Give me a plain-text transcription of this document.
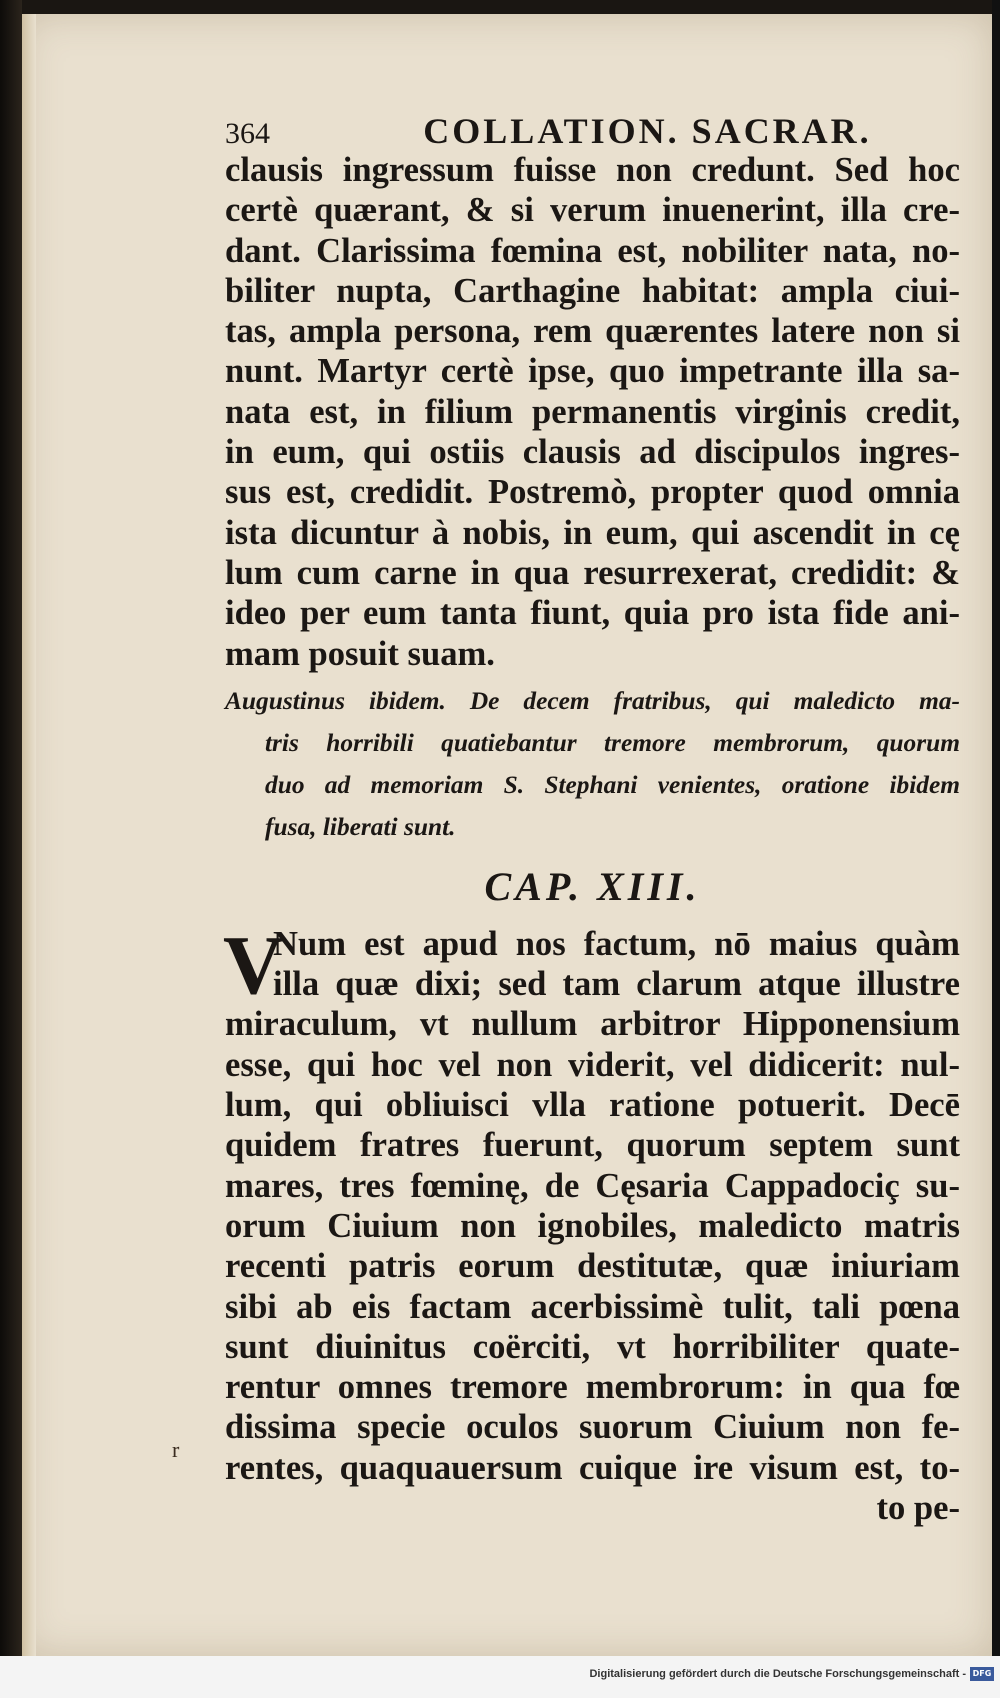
r
364	COLLATION. SACRAR.
clausis ingressum fuisse non credunt. Sed hoc
certè quærant, & si verum inuenerint, illa cre-
dant. Clarissima fœmina est, nobiliter nata, no-
biliter nupta, Carthagine habitat: ampla ciui-
tas, ampla persona, rem quærentes latere non si
nunt. Martyr certè ipse, quo impetrante illa sa-
nata est, in filium permanentis virginis credit,
in eum, qui ostiis clausis ad discipulos ingres-
sus est, credidit. Postremò, propter quod omnia
ista dicuntur à nobis, in eum, qui ascendit in cę
lum cum carne in qua resurrexerat, credidit: &
ideo per eum tanta fiunt, quia pro ista fide ani-
mam posuit suam.
Augustinus ibidem. De decem fratribus, qui maledicto ma-
tris horribili quatiebantur tremore membrorum, quorum
duo ad memoriam S. Stephani venientes, oratione ibidem
fusa, liberati sunt.
CAP. XIII.
V
Num est apud nos factum, nō maius quàm
illa quæ dixi; sed tam clarum atque illustre
miraculum, vt nullum arbitror Hipponensium
esse, qui hoc vel non viderit, vel didicerit: nul-
lum, qui obliuisci vlla ratione potuerit. Decē
quidem fratres fuerunt, quorum septem sunt
mares, tres fœminę, de Cęsaria Cappadociç su-
orum Ciuium non ignobiles, maledicto matris
recenti patris eorum destitutæ, quæ iniuriam
sibi ab eis factam acerbissimè tulit, tali pœna
sunt diuinitus coërciti, vt horribiliter quate-
rentur omnes tremore membrorum: in qua fœ
dissima specie oculos suorum Ciuium non fe-
rentes, quaquauersum cuique ire visum est, to-
to pe-
Digitalisierung gefördert durch die Deutsche Forschungsgemeinschaft - DFG
